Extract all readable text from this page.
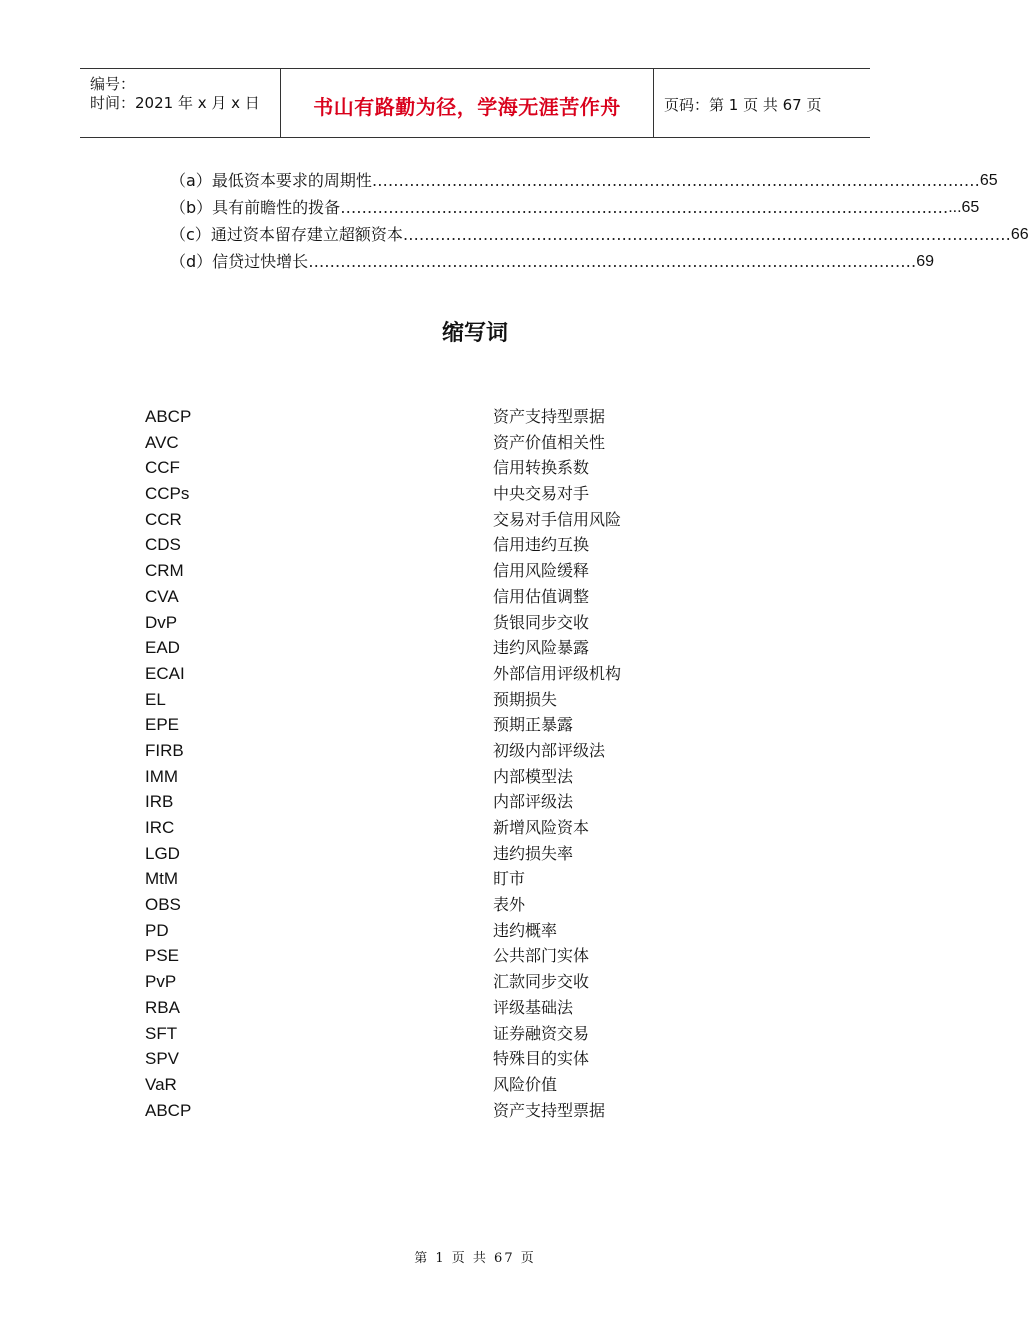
编号：
时间：2021 年 x 月 x 日	书山有路勤为径，学海无涯苦作舟	页码：第 1 页 共 67 页
（a） 最低资本要求的周期性 …………………………………………………………………………………………………… 65
（b） 具有前瞻性的拨备 …………………………………………………………………………………………………… ...65
（c） 通过资本留存建立超额资本 …………………………………………………………………………………………………… 66
（d） 信贷过快增长 …………………………………………………………………………………………………… 69
缩写词
ABCP	资产支持型票据
AVC	资产价值相关性
CCF	信用转换系数
CCPs	中央交易对手
CCR	交易对手信用风险
CDS	信用违约互换
CRM	信用风险缓释
CVA	信用估值调整
DvP	货银同步交收
EAD	违约风险暴露
ECAI	外部信用评级机构
EL	预期损失
EPE	预期正暴露
FIRB	初级内部评级法
IMM	内部模型法
IRB	内部评级法
IRC	新增风险资本
LGD	违约损失率
MtM	盯市
OBS	表外
PD	违约概率
PSE	公共部门实体
PvP	汇款同步交收
RBA	评级基础法
SFT	证券融资交易
SPV	特殊目的实体
VaR	风险价值
ABCP	资产支持型票据
第 1 页 共 67 页
